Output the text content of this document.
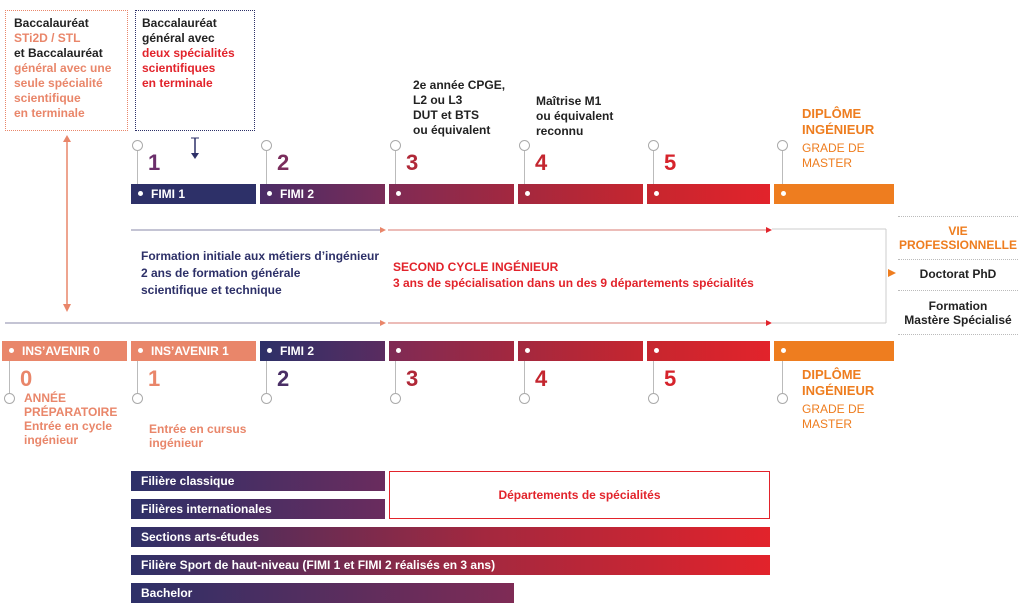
Baccalauréat
STi2D / STL
et Baccalauréat
général avec une
seule spécialité
scientifique
en terminale
Baccalauréat
général avec
deux spécialités
scientifiques
en terminale	2e année CPGE,
L2 ou L3
DUT et BTS
ou équivalent
Maîtrise M1
ou équivalent
reconnu
DIPLÔME
INGÉNIEUR
GRADE DE
MASTER
1	2	3	4	5
FIMI 1	FIMI 2
Formation initiale aux métiers d’ingénieur
2 ans de formation générale
scientifique et technique
SECOND CYCLE INGÉNIEUR
3 ans de spécialisation dans un des 9 départements spécialités
VIE
PROFESSIONNELLE
Doctorat PhD
Formation
Mastère Spécialisé
INS’AVENIR 0	INS’AVENIR 1	FIMI 2
0	1	2	3	4	5
ANNÉE
PRÉPARATOIRE
Entrée en cycle
ingénieur
Entrée en cursus
ingénieur
DIPLÔME
INGÉNIEUR
GRADE DE
MASTER
Filière classique
Filières internationales
Départements de spécialités
Sections arts-études
Filière Sport de haut-niveau (FIMI 1 et FIMI 2 réalisés en 3 ans)
Bachelor
